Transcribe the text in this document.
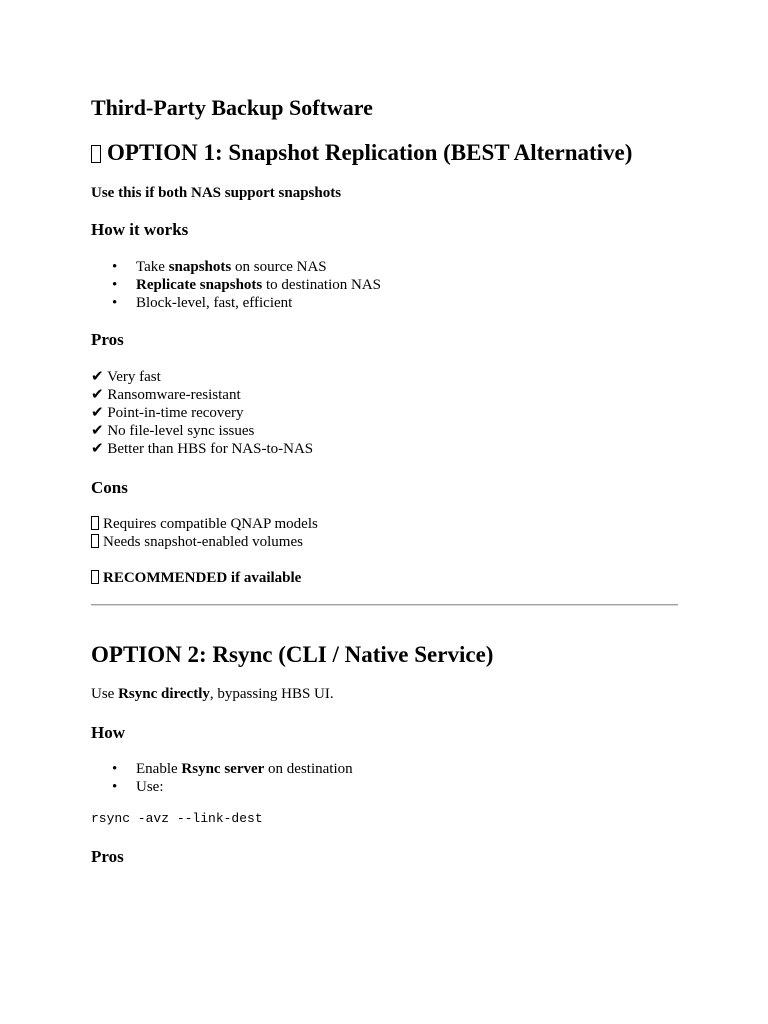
Third-Party Backup Software
OPTION 1: Snapshot Replication (BEST Alternative)
Use this if both NAS support snapshots
How it works
• Take snapshots on source NAS
• Replicate snapshots to destination NAS
• Block-level, fast, efficient
Pros
✔ Very fast
✔ Ransomware-resistant
✔ Point-in-time recovery
✔ No file-level sync issues
✔ Better than HBS for NAS-to-NAS
Cons
Requires compatible QNAP models
Needs snapshot-enabled volumes
RECOMMENDED if available
OPTION 2: Rsync (CLI / Native Service)
Use Rsync directly, bypassing HBS UI.
How
• Enable Rsync server on destination
• Use:
rsync -avz --link-dest
Pros
